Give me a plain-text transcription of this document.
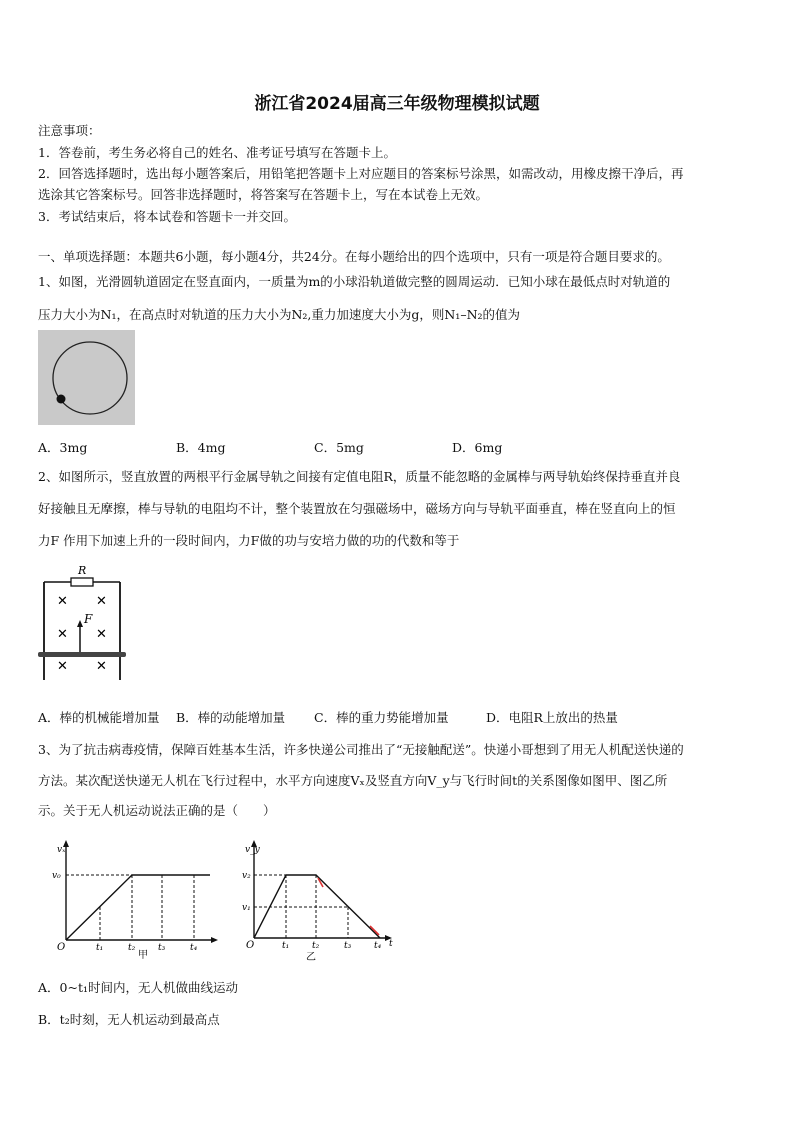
浙江省2024届高三年级物理模拟试题
注意事项：
1．答卷前，考生务必将自己的姓名、准考证号填写在答题卡上。
2．回答选择题时，选出每小题答案后，用铅笔把答题卡上对应题目的答案标号涂黑，如需改动，用橡皮擦干净后，再
选涂其它答案标号。回答非选择题时，将答案写在答题卡上，写在本试卷上无效。
3．考试结束后，将本试卷和答题卡一并交回。
一、单项选择题：本题共6小题，每小题4分，共24分。在每小题给出的四个选项中，只有一项是符合题目要求的。
1、如图，光滑圆轨道固定在竖直面内，一质量为m的小球沿轨道做完整的圆周运动．已知小球在最低点时对轨道的
压力大小为N₁，在高点时对轨道的压力大小为N₂,重力加速度大小为g，则N₁–N₂的值为
A．3mg	B．4mg	C．5mg	D．6mg
2、如图所示，竖直放置的两根平行金属导轨之间接有定值电阻R，质量不能忽略的金属棒与两导轨始终保持垂直并良
好接触且无摩擦，棒与导轨的电阻均不计，整个装置放在匀强磁场中，磁场方向与导轨平面垂直，棒在竖直向上的恒
力F 作用下加速上升的一段时间内，力F做的功与安培力做的功的代数和等于
R
✕ ✕
✕ ✕
✕ ✕
F
A．棒的机械能增加量 B．棒的动能增加量 C．棒的重力势能增加量	D．电阻R上放出的热量
3、为了抗击病毒疫情，保障百姓基本生活，许多快递公司推出了“无接触配送”。快递小哥想到了用无人机配送快递的
方法。某次配送快递无人机在飞行过程中，水平方向速度Vₓ及竖直方向V_y与飞行时间t的关系图像如图甲、图乙所
示。关于无人机运动说法正确的是（　　）
vₓ
v₀
O	t₁	t₂	t₃	t₄
甲
v_y
v₂
v₁
O	t₁	t₂	t₃	t₄ t
乙
A．0~t₁时间内，无人机做曲线运动
B．t₂时刻，无人机运动到最高点
